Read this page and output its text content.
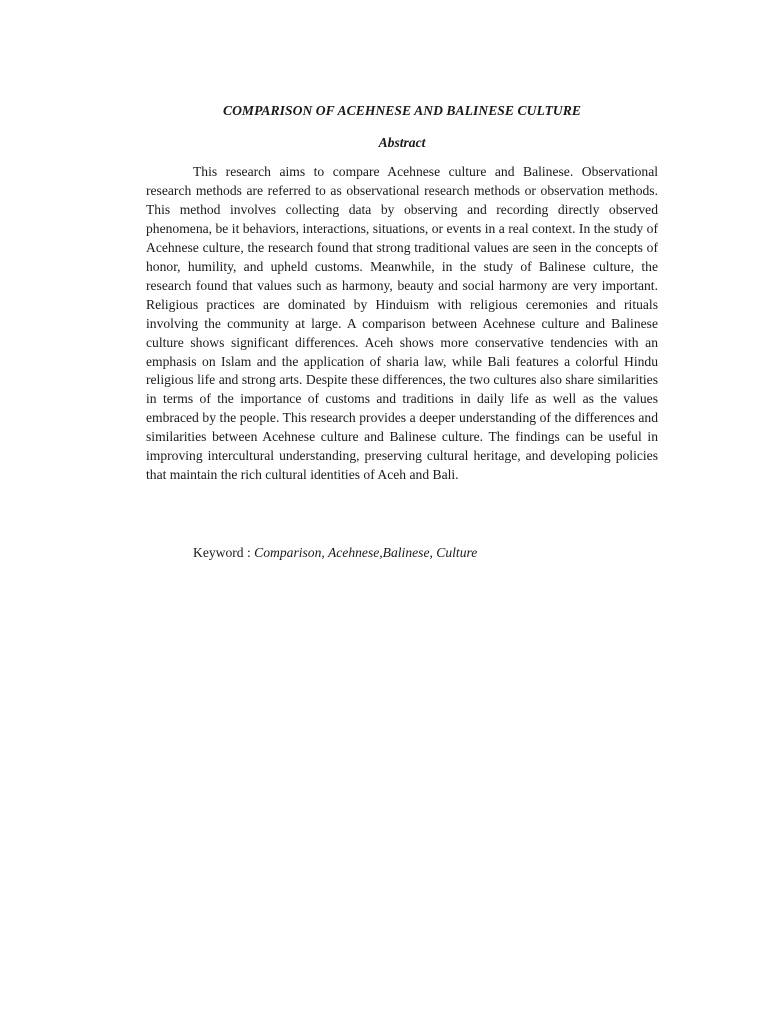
COMPARISON OF ACEHNESE AND BALINESE CULTURE
Abstract

This research aims to compare Acehnese culture and Balinese. Observational research methods are referred to as observational research methods or observation methods. This method involves collecting data by observing and recording directly observed phenomena, be it behaviors, interactions, situations, or events in a real context. In the study of Acehnese culture, the research found that strong traditional values are seen in the concepts of honor, humility, and upheld customs. Meanwhile, in the study of Balinese culture, the research found that values such as harmony, beauty and social harmony are very important. Religious practices are dominated by Hinduism with religious ceremonies and rituals involving the community at large. A comparison between Acehnese culture and Balinese culture shows significant differences. Aceh shows more conservative tendencies with an emphasis on Islam and the application of sharia law, while Bali features a colorful Hindu religious life and strong arts. Despite these differences, the two cultures also share similarities in terms of the importance of customs and traditions in daily life as well as the values embraced by the people. This research provides a deeper understanding of the differences and similarities between Acehnese culture and Balinese culture. The findings can be useful in improving intercultural understanding, preserving cultural heritage, and developing policies that maintain the rich cultural identities of Aceh and Bali.

Keyword : Comparison, Acehnese,Balinese, Culture
